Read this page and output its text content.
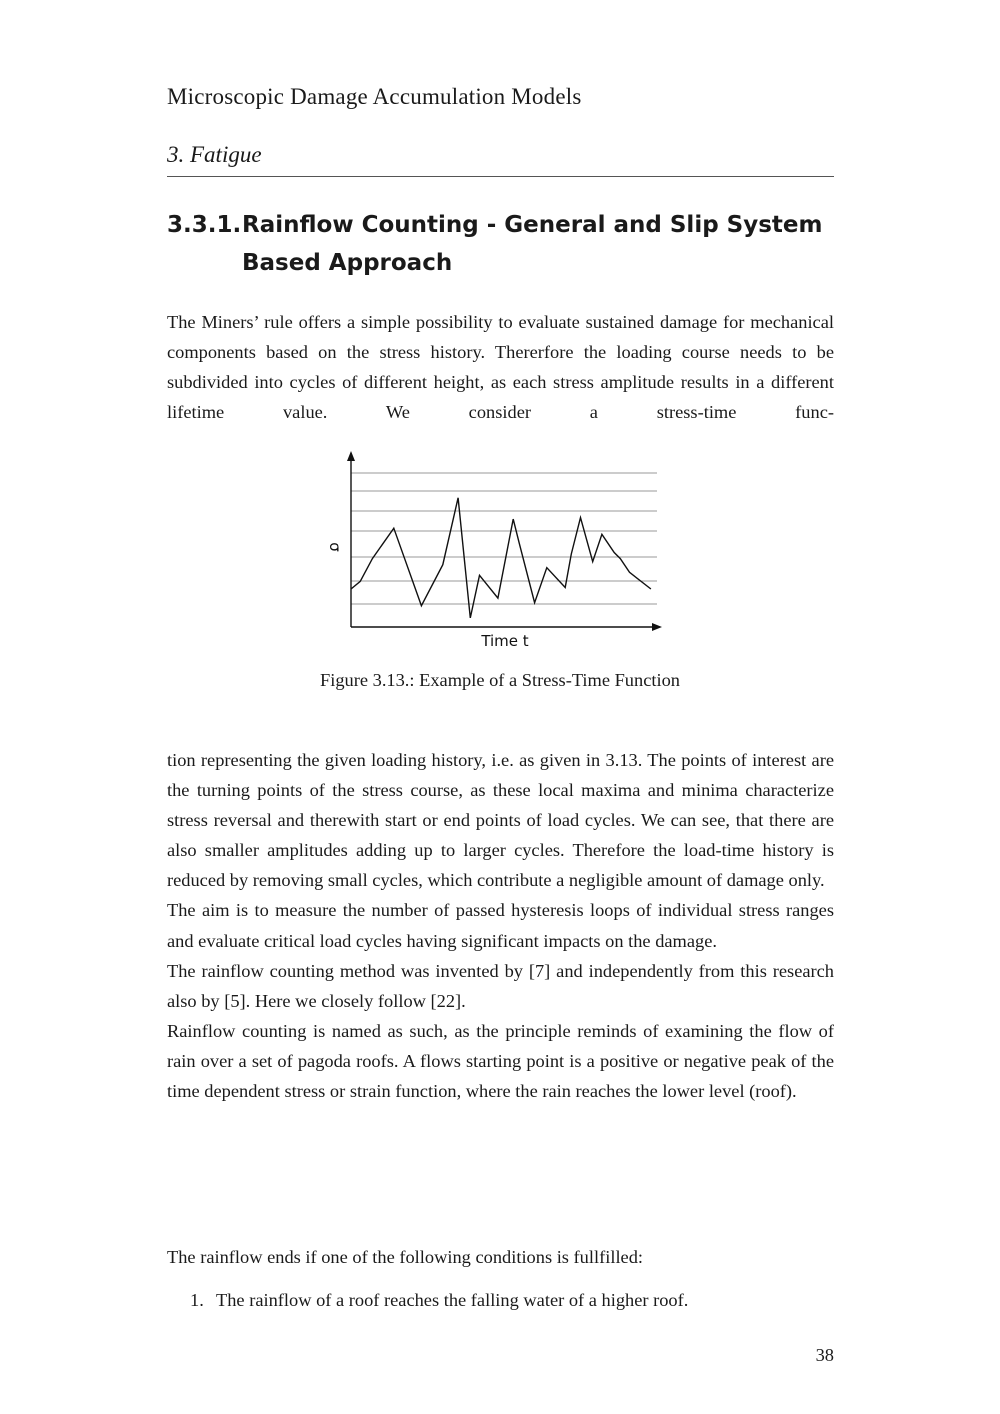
Microscopic Damage Accumulation Models
3. Fatigue
3.3.1. Rainflow Counting - General and Slip System Based Approach

The Miners’ rule offers a simple possibility to evaluate sustained damage for mechanical components based on the stress history. Thererfore the loading course needs to be subdivided into cycles of different height, as each stress amplitude results in a different lifetime value. We consider a stress-time func-

σ
Time t
Figure 3.13.: Example of a Stress-Time Function

tion representing the given loading history, i.e. as given in 3.13. The points of interest are the turning points of the stress course, as these local maxima and minima characterize stress reversal and therewith start or end points of load cycles. We can see, that there are also smaller amplitudes adding up to larger cycles. Therefore the load-time history is reduced by removing small cycles, which contribute a negligible amount of damage only.

The aim is to measure the number of passed hysteresis loops of individual stress ranges and evaluate critical load cycles having significant impacts on the damage.

The rainflow counting method was invented by [7] and independently from this research also by [5]. Here we closely follow [22].

Rainflow counting is named as such, as the principle reminds of examining the flow of rain over a set of pagoda roofs. A flows starting point is a positive or negative peak of the time dependent stress or strain function, where the rain reaches the lower level (roof).

The rainflow ends if one of the following conditions is fullfilled:

1. The rainflow of a roof reaches the falling water of a higher roof.
38
